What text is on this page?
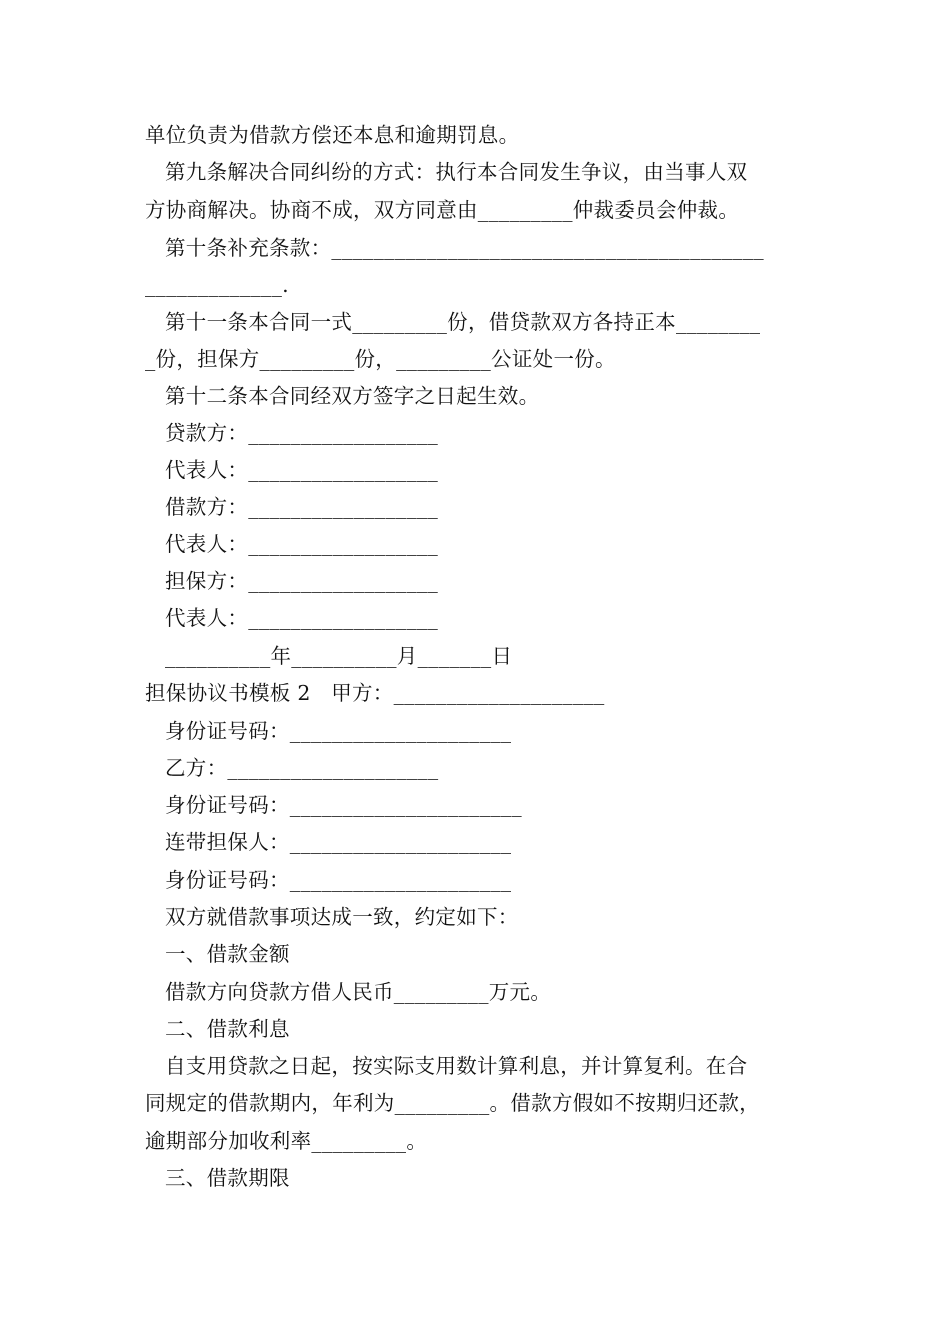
单位负责为借款方偿还本息和逾期罚息。
第九条解决合同纠纷的方式：执行本合同发生争议，由当事人双
方协商解决。协商不成，双方同意由_________仲裁委员会仲裁。
第十条补充条款：_________________________________________
_____________.
第十一条本合同一式_________份，借贷款双方各持正本________
_份，担保方_________份，_________公证处一份。
第十二条本合同经双方签字之日起生效。
贷款方：__________________
代表人：__________________
借款方：__________________
代表人：__________________
担保方：__________________
代表人：__________________
__________年__________月_______日
担保协议书模板 2   甲方：____________________
身份证号码：_____________________
乙方：____________________
身份证号码：______________________
连带担保人：_____________________
身份证号码：_____________________
双方就借款事项达成一致，约定如下：
一、借款金额
借款方向贷款方借人民币_________万元。
二、借款利息
自支用贷款之日起，按实际支用数计算利息，并计算复利。在合
同规定的借款期内，年利为_________。借款方假如不按期归还款，
逾期部分加收利率_________。
三、借款期限
